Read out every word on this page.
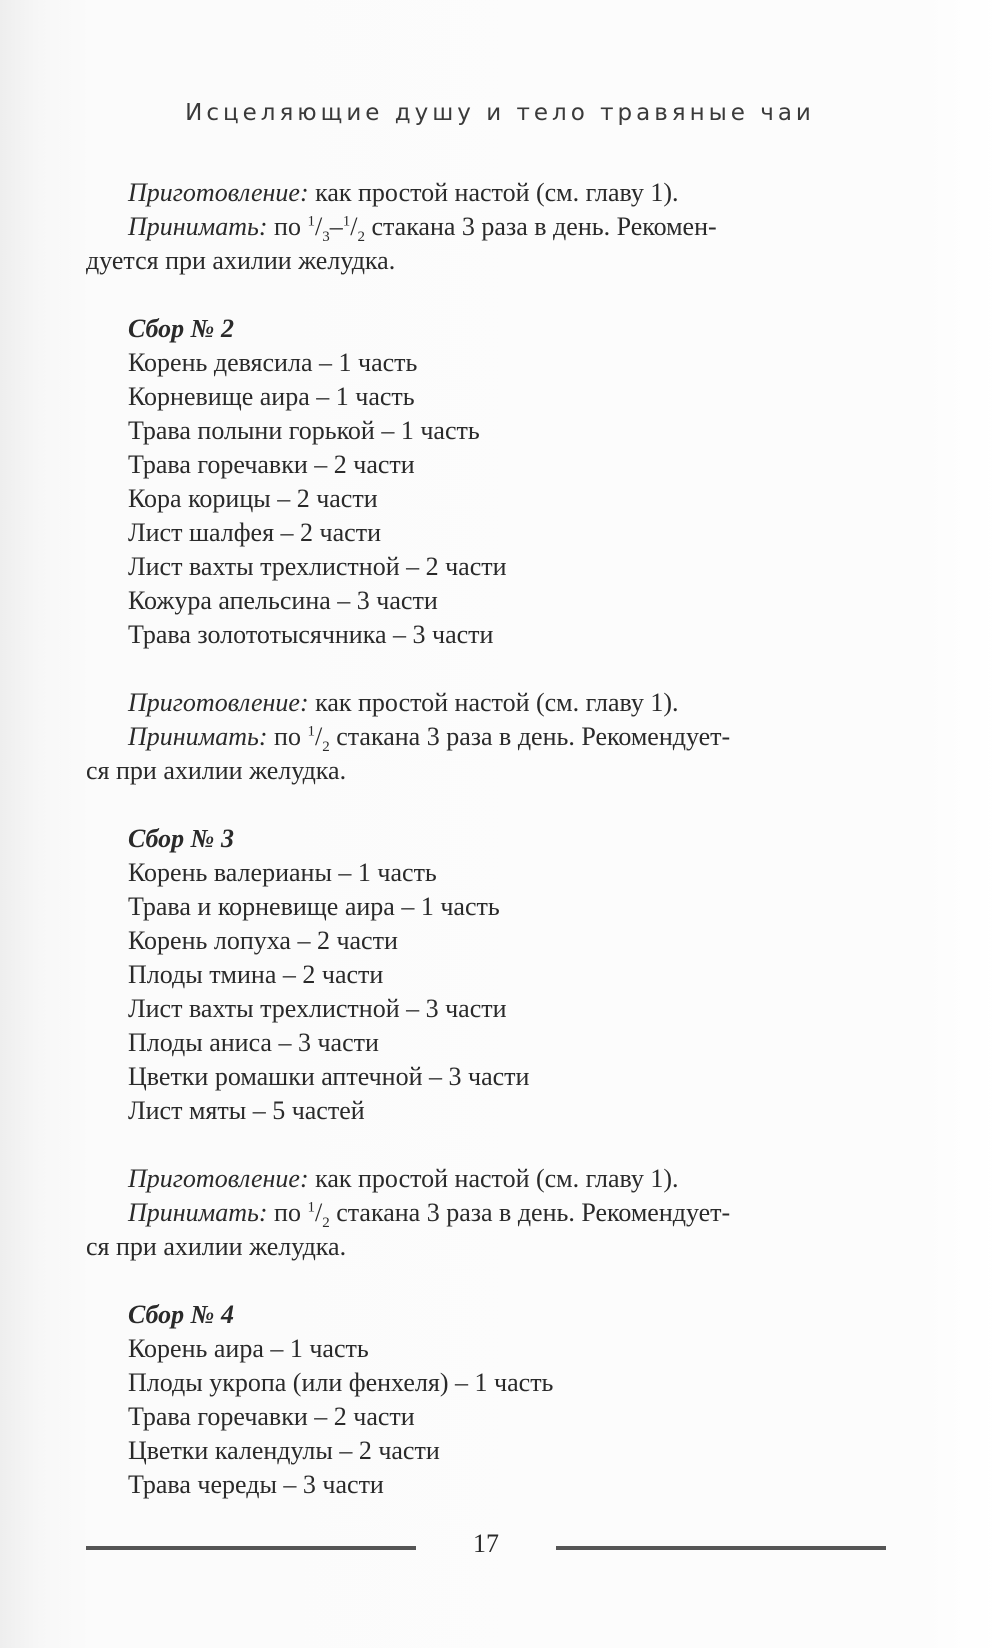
Исцеляющие душу и тело травяные чаи
Приготовление: как простой настой (см. главу 1).
Принимать: по $^1/_3-^1/_2$ стакана 3 раза в день. Рекомен-
дуется при ахилии желудка.
Сбор № 2
Корень девясила – 1 часть
Корневище аира – 1 часть
Трава полыни горькой – 1 часть
Трава горечавки – 2 части
Кора корицы – 2 части
Лист шалфея – 2 части
Лист вахты трехлистной – 2 части
Кожура апельсина – 3 части
Трава золототысячника – 3 части
Приготовление: как простой настой (см. главу 1).
Принимать: по $^1/_2$ стакана 3 раза в день. Рекомендует-
ся при ахилии желудка.
Сбор № 3
Корень валерианы – 1 часть
Трава и корневище аира – 1 часть
Корень лопуха – 2 части
Плоды тмина – 2 части
Лист вахты трехлистной – 3 части
Плоды аниса – 3 части
Цветки ромашки аптечной – 3 части
Лист мяты – 5 частей
Приготовление: как простой настой (см. главу 1).
Принимать: по $^1/_2$ стакана 3 раза в день. Рекомендует-
ся при ахилии желудка.
Сбор № 4
Корень аира – 1 часть
Плоды укропа (или фенхеля) – 1 часть
Трава горечавки – 2 части
Цветки календулы – 2 части
Трава череды – 3 части
17
